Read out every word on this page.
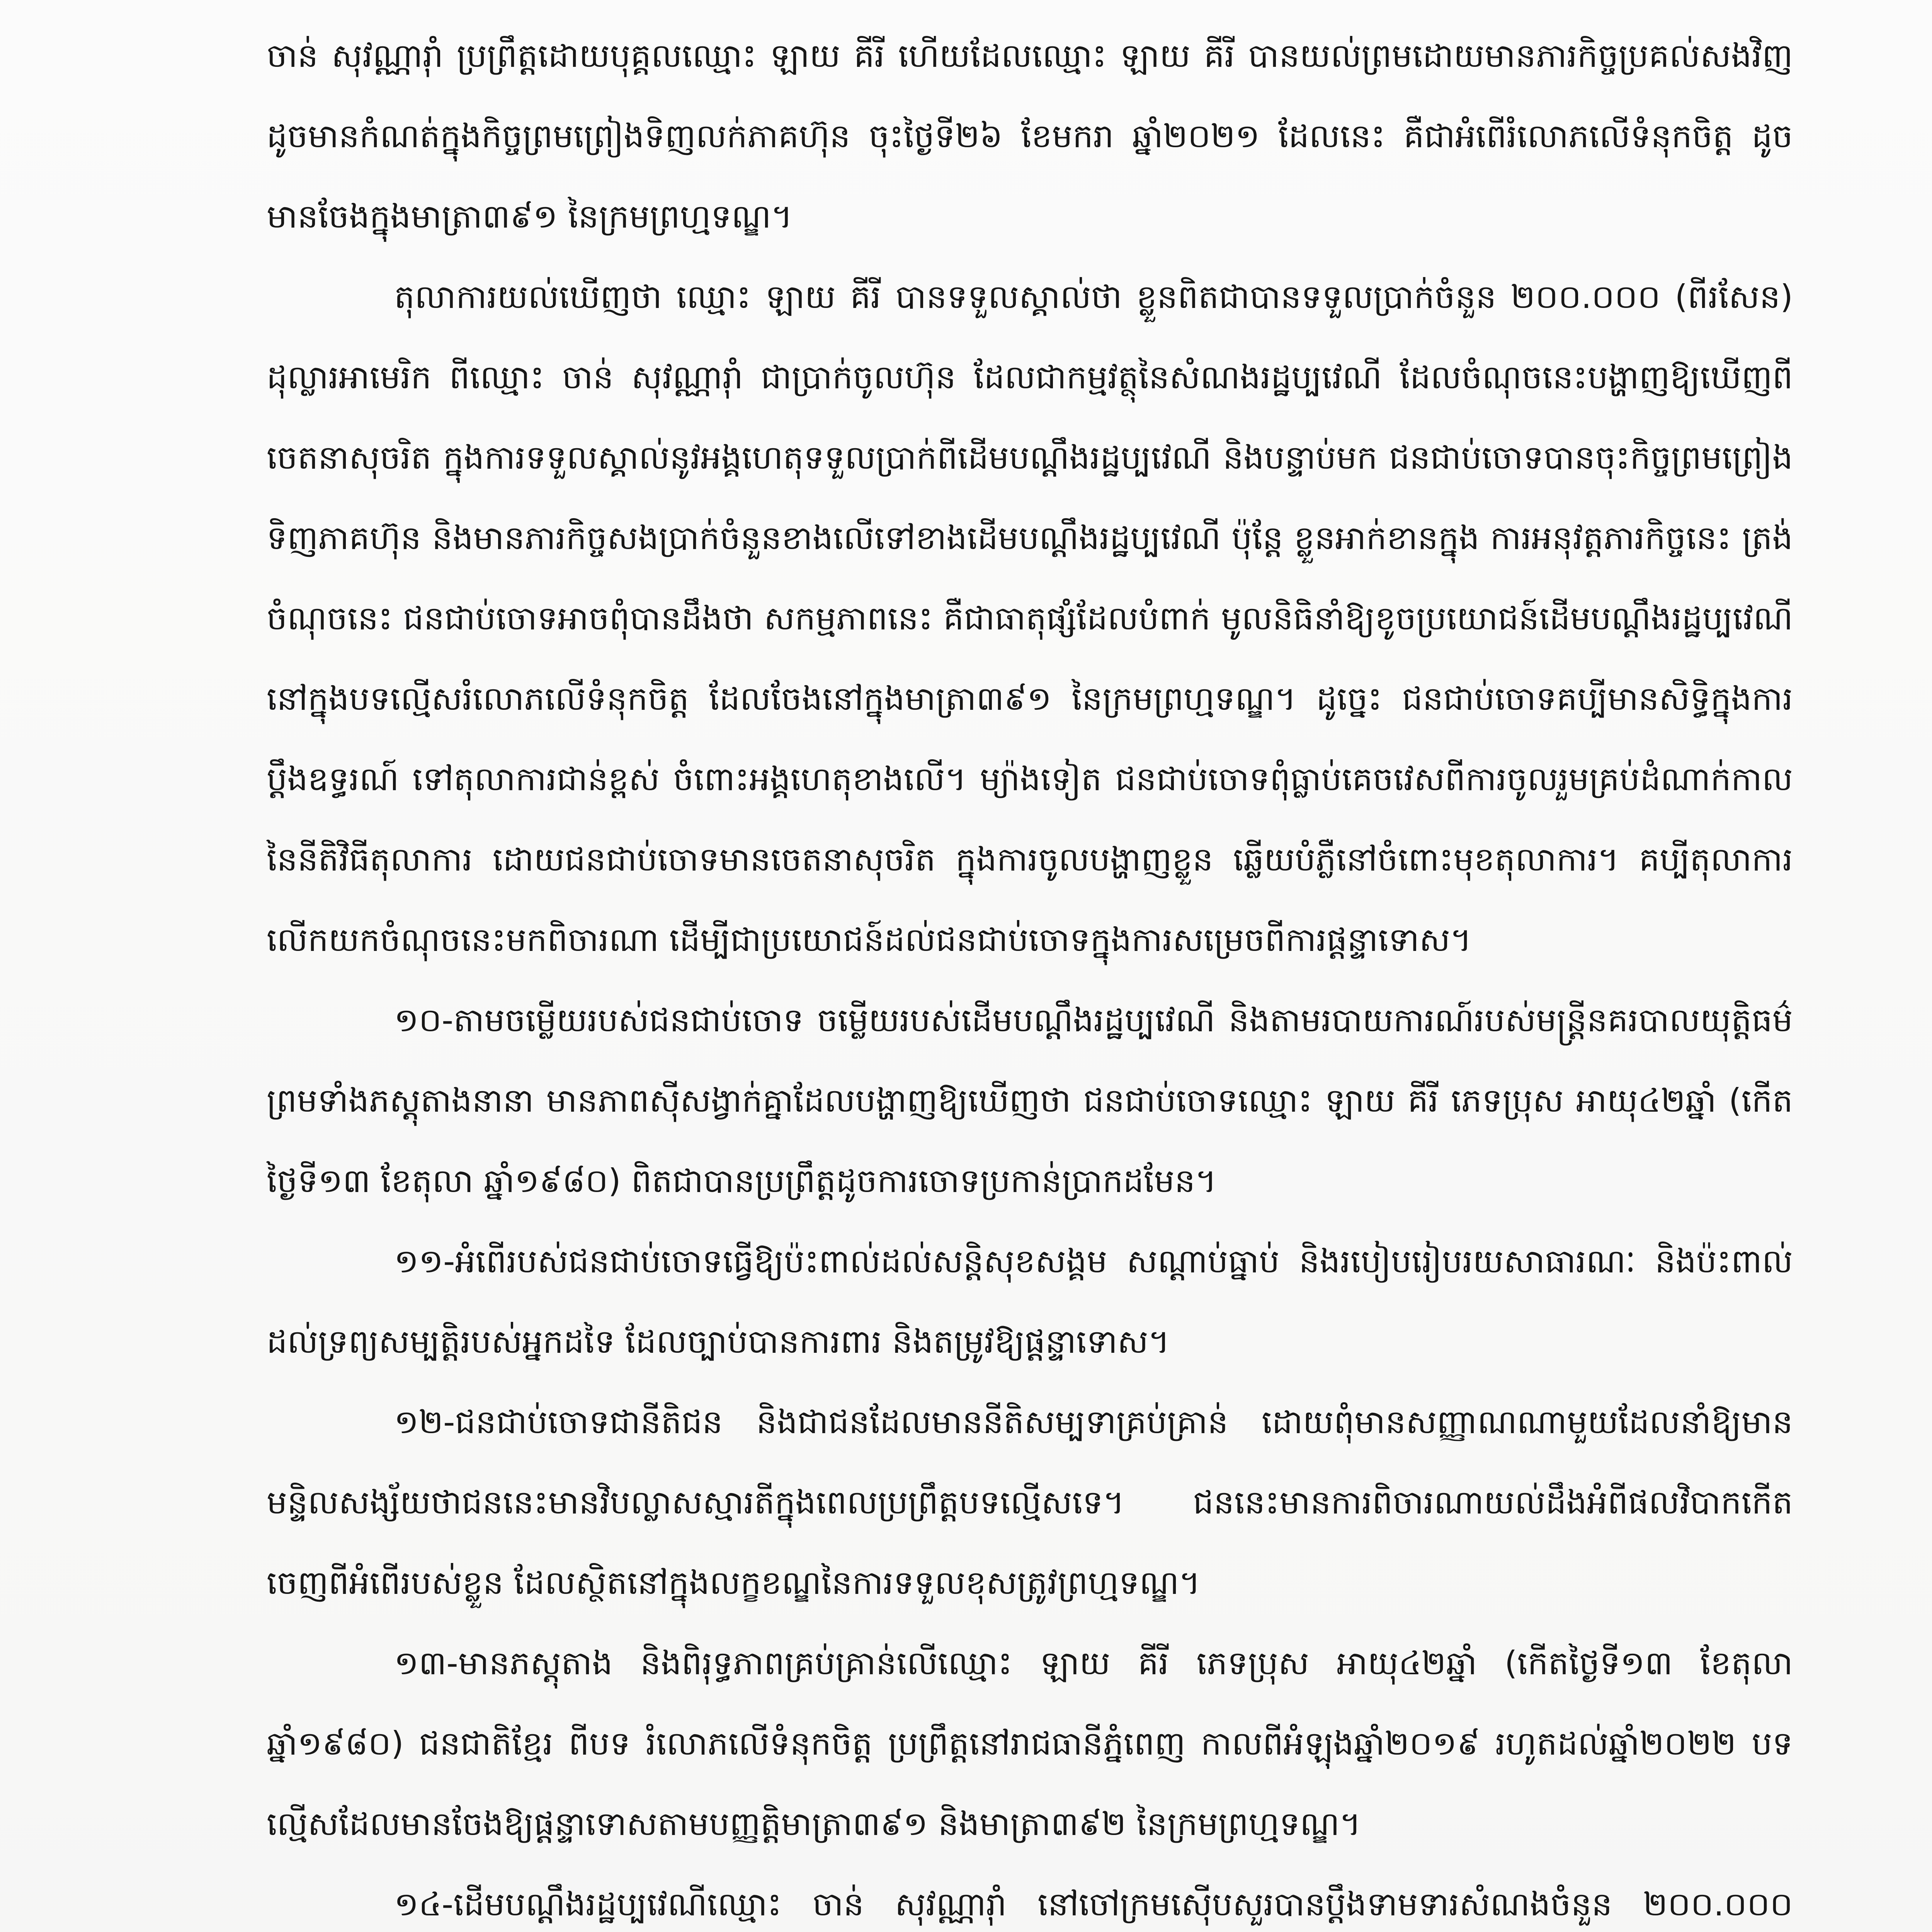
ចាន់ សុវណ្ណារ៉ាំ ប្រព្រឹត្តដោយបុគ្គលឈ្មោះ ឡាយ គីរី ហើយដែលឈ្មោះ ឡាយ គីរី បានយល់ព្រមដោយមានភារកិច្ចប្រគល់សងវិញ ដូចមានកំណត់ក្នុងកិច្ចព្រមព្រៀងទិញលក់ភាគហ៊ុន ចុះថ្ងៃទី២៦ ខែមករា ឆ្នាំ២០២១ ដែលនេះ គឺជាអំពើរំលោភលើទំនុកចិត្ត ដូចមានចែងក្នុងមាត្រា៣៩១ នៃក្រមព្រហ្មទណ្ឌ។

តុលាការយល់ឃើញថា ឈ្មោះ ឡាយ គីរី បានទទួលស្គាល់ថា ខ្លួនពិតជាបានទទួលប្រាក់ចំនួន ២០០.០០០ (ពីរសែន) ដុល្លារអាមេរិក ពីឈ្មោះ ចាន់ សុវណ្ណារ៉ាំ ជាប្រាក់ចូលហ៊ុន ដែលជាកម្មវត្ថុនៃសំណងរដ្ឋប្បវេណី ដែលចំណុចនេះបង្ហាញឱ្យឃើញពីចេតនាសុចរិត ក្នុងការទទួលស្គាល់នូវអង្គហេតុទទួលប្រាក់ពីដើមបណ្តឹងរដ្ឋប្បវេណី និងបន្ទាប់មក ជនជាប់ចោទបានចុះកិច្ចព្រមព្រៀង ទិញភាគហ៊ុន និងមានភារកិច្ចសងប្រាក់ចំនួនខាងលើទៅខាងដើមបណ្តឹងរដ្ឋប្បវេណី ប៉ុន្តែ ខ្លួនអាក់ខានក្នុង ការអនុវត្តភារកិច្ចនេះ ត្រង់ចំណុចនេះ ជនជាប់ចោទអាចពុំបានដឹងថា សកម្មភាពនេះ គឺជាធាតុផ្សំដែលបំពាក់ មូលនិធិនាំឱ្យខូចប្រយោជន៍ដើមបណ្តឹងរដ្ឋប្បវេណី នៅក្នុងបទល្មើសរំលោភលើទំនុកចិត្ត ដែលចែងនៅក្នុងមាត្រា៣៩១ នៃក្រមព្រហ្មទណ្ឌ។ ដូច្នេះ ជនជាប់ចោទគប្បីមានសិទ្ធិក្នុងការប្តឹងឧទ្ធរណ៍ ទៅតុលាការជាន់ខ្ពស់ ចំពោះអង្គហេតុខាងលើ។ ម្យ៉ាងទៀត ជនជាប់ចោទពុំធ្លាប់គេចវេសពីការចូលរួមគ្រប់ដំណាក់កាលនៃនីតិវិធីតុលាការ ដោយជនជាប់ចោទមានចេតនាសុចរិត ក្នុងការចូលបង្ហាញខ្លួន ឆ្លើយបំភ្លឺនៅចំពោះមុខតុលាការ។ គប្បីតុលាការលើកយកចំណុចនេះមកពិចារណា ដើម្បីជាប្រយោជន៍ដល់ជនជាប់ចោទក្នុងការសម្រេចពីការផ្តន្ទាទោស។

១០-តាមចម្លើយរបស់ជនជាប់ចោទ ចម្លើយរបស់ដើមបណ្តឹងរដ្ឋប្បវេណី និងតាមរបាយការណ៍របស់មន្ត្រីនគរបាលយុត្តិធម៌ ព្រមទាំងភស្តុតាងនានា មានភាពស៊ីសង្វាក់គ្នាដែលបង្ហាញឱ្យឃើញថា ជនជាប់ចោទឈ្មោះ ឡាយ គីរី ភេទប្រុស អាយុ៤២ឆ្នាំ (កើតថ្ងៃទី១៣ ខែតុលា ឆ្នាំ១៩៨០) ពិតជាបានប្រព្រឹត្តដូចការចោទប្រកាន់ប្រាកដមែន។

១១-អំពើរបស់ជនជាប់ចោទធ្វើឱ្យប៉ះពាល់ដល់សន្តិសុខសង្គម សណ្តាប់ធ្នាប់ និងរបៀបរៀបរយសាធារណៈ និងប៉ះពាល់ដល់ទ្រព្យសម្បត្តិរបស់អ្នកដទៃ ដែលច្បាប់បានការពារ និងតម្រូវឱ្យផ្តន្ទាទោស។

១២-ជនជាប់ចោទជានីតិជន និងជាជនដែលមាននីតិសម្បទាគ្រប់គ្រាន់ ដោយពុំមានសញ្ញាណណាមួយដែលនាំឱ្យមានមន្ទិលសង្ស័យថាជននេះមានវិបល្លាសស្មារតីក្នុងពេលប្រព្រឹត្តបទល្មើសទេ។ ជននេះមានការពិចារណាយល់ដឹងអំពីផលវិបាកកើតចេញពីអំពើរបស់ខ្លួន ដែលស្ថិតនៅក្នុងលក្ខខណ្ឌនៃការទទួលខុសត្រូវព្រហ្មទណ្ឌ។

១៣-មានភស្តុតាង និងពិរុទ្ធភាពគ្រប់គ្រាន់លើឈ្មោះ ឡាយ គីរី ភេទប្រុស អាយុ៤២ឆ្នាំ (កើតថ្ងៃទី១៣ ខែតុលា ឆ្នាំ១៩៨០) ជនជាតិខ្មែរ ពីបទ រំលោភលើទំនុកចិត្ត ប្រព្រឹត្តនៅរាជធានីភ្នំពេញ កាលពីអំឡុងឆ្នាំ២០១៩ រហូតដល់ឆ្នាំ២០២២ បទល្មើសដែលមានចែងឱ្យផ្តន្ទាទោសតាមបញ្ញត្តិមាត្រា៣៩១ និងមាត្រា៣៩២ នៃក្រមព្រហ្មទណ្ឌ។

១៤-ដើមបណ្តឹងរដ្ឋប្បវេណីឈ្មោះ ចាន់ សុវណ្ណារ៉ាំ នៅចៅក្រមស៊ើបសួរបានប្តឹងទាមទារសំណងចំនួន ២០០.០០០
